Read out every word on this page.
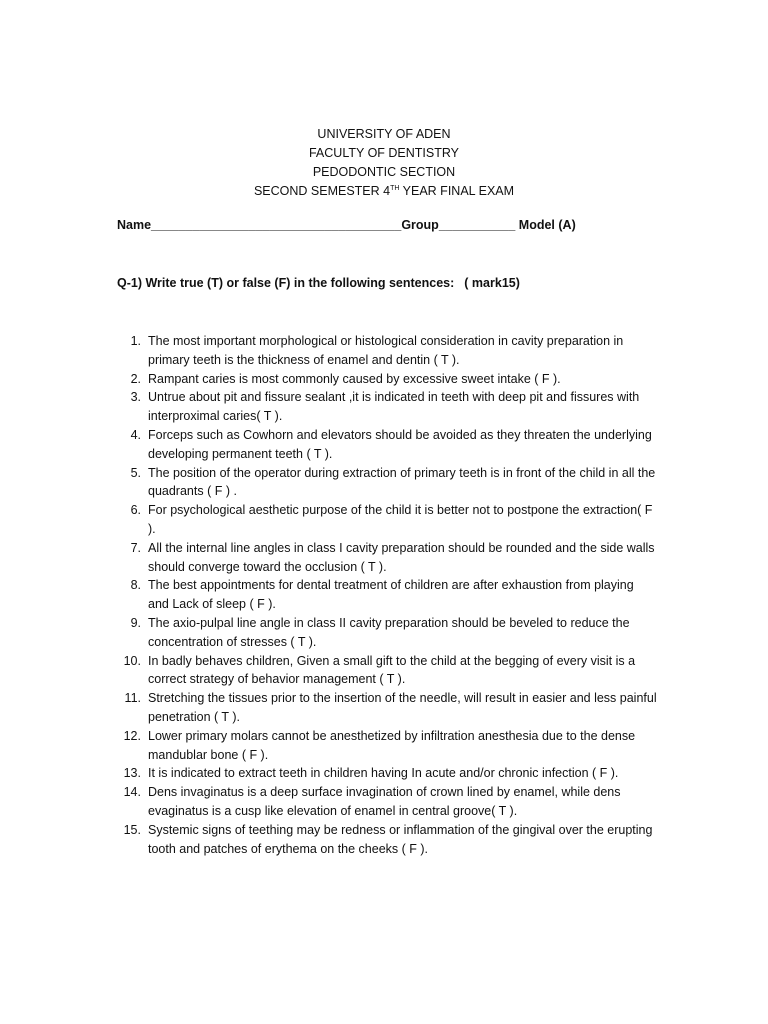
UNIVERSITY OF ADEN
FACULTY OF DENTISTRY
PEDODONTIC SECTION
SECOND SEMESTER 4TH YEAR FINAL EXAM
Name____________________________________Group___________ Model (A)
Q-1) Write true (T) or false (F) in the following sentences: ( mark15)
1. The most important morphological or histological consideration in cavity preparation in primary teeth is the thickness of enamel and dentin ( T ).
2. Rampant caries is most commonly caused by excessive sweet intake ( F ).
3. Untrue about pit and fissure sealant ,it is indicated in teeth with deep pit and fissures with interproximal caries( T ).
4. Forceps such as Cowhorn and elevators should be avoided as they threaten the underlying developing permanent teeth ( T ).
5. The position of the operator during extraction of primary teeth is in front of the child in all the quadrants ( F ) .
6. For psychological aesthetic purpose of the child it is better not to postpone the extraction( F ).
7. All the internal line angles in class I cavity preparation should be rounded and the side walls should converge toward the occlusion ( T ).
8. The best appointments for dental treatment of children are after exhaustion from playing and Lack of sleep ( F ).
9. The axio-pulpal line angle in class II cavity preparation should be beveled to reduce the concentration of stresses ( T ).
10. In badly behaves children, Given a small gift to the child at the begging of every visit is a correct strategy of behavior management ( T ).
11. Stretching the tissues prior to the insertion of the needle, will result in easier and less painful penetration ( T ).
12. Lower primary molars cannot be anesthetized by infiltration anesthesia due to the dense mandublar bone ( F ).
13. It is indicated to extract teeth in children having In acute and/or chronic infection ( F ).
14. Dens invaginatus is a deep surface invagination of crown lined by enamel, while dens evaginatus is a cusp like elevation of enamel in central groove( T ).
15. Systemic signs of teething may be redness or inflammation of the gingival over the erupting tooth and patches of erythema on the cheeks ( F ).
